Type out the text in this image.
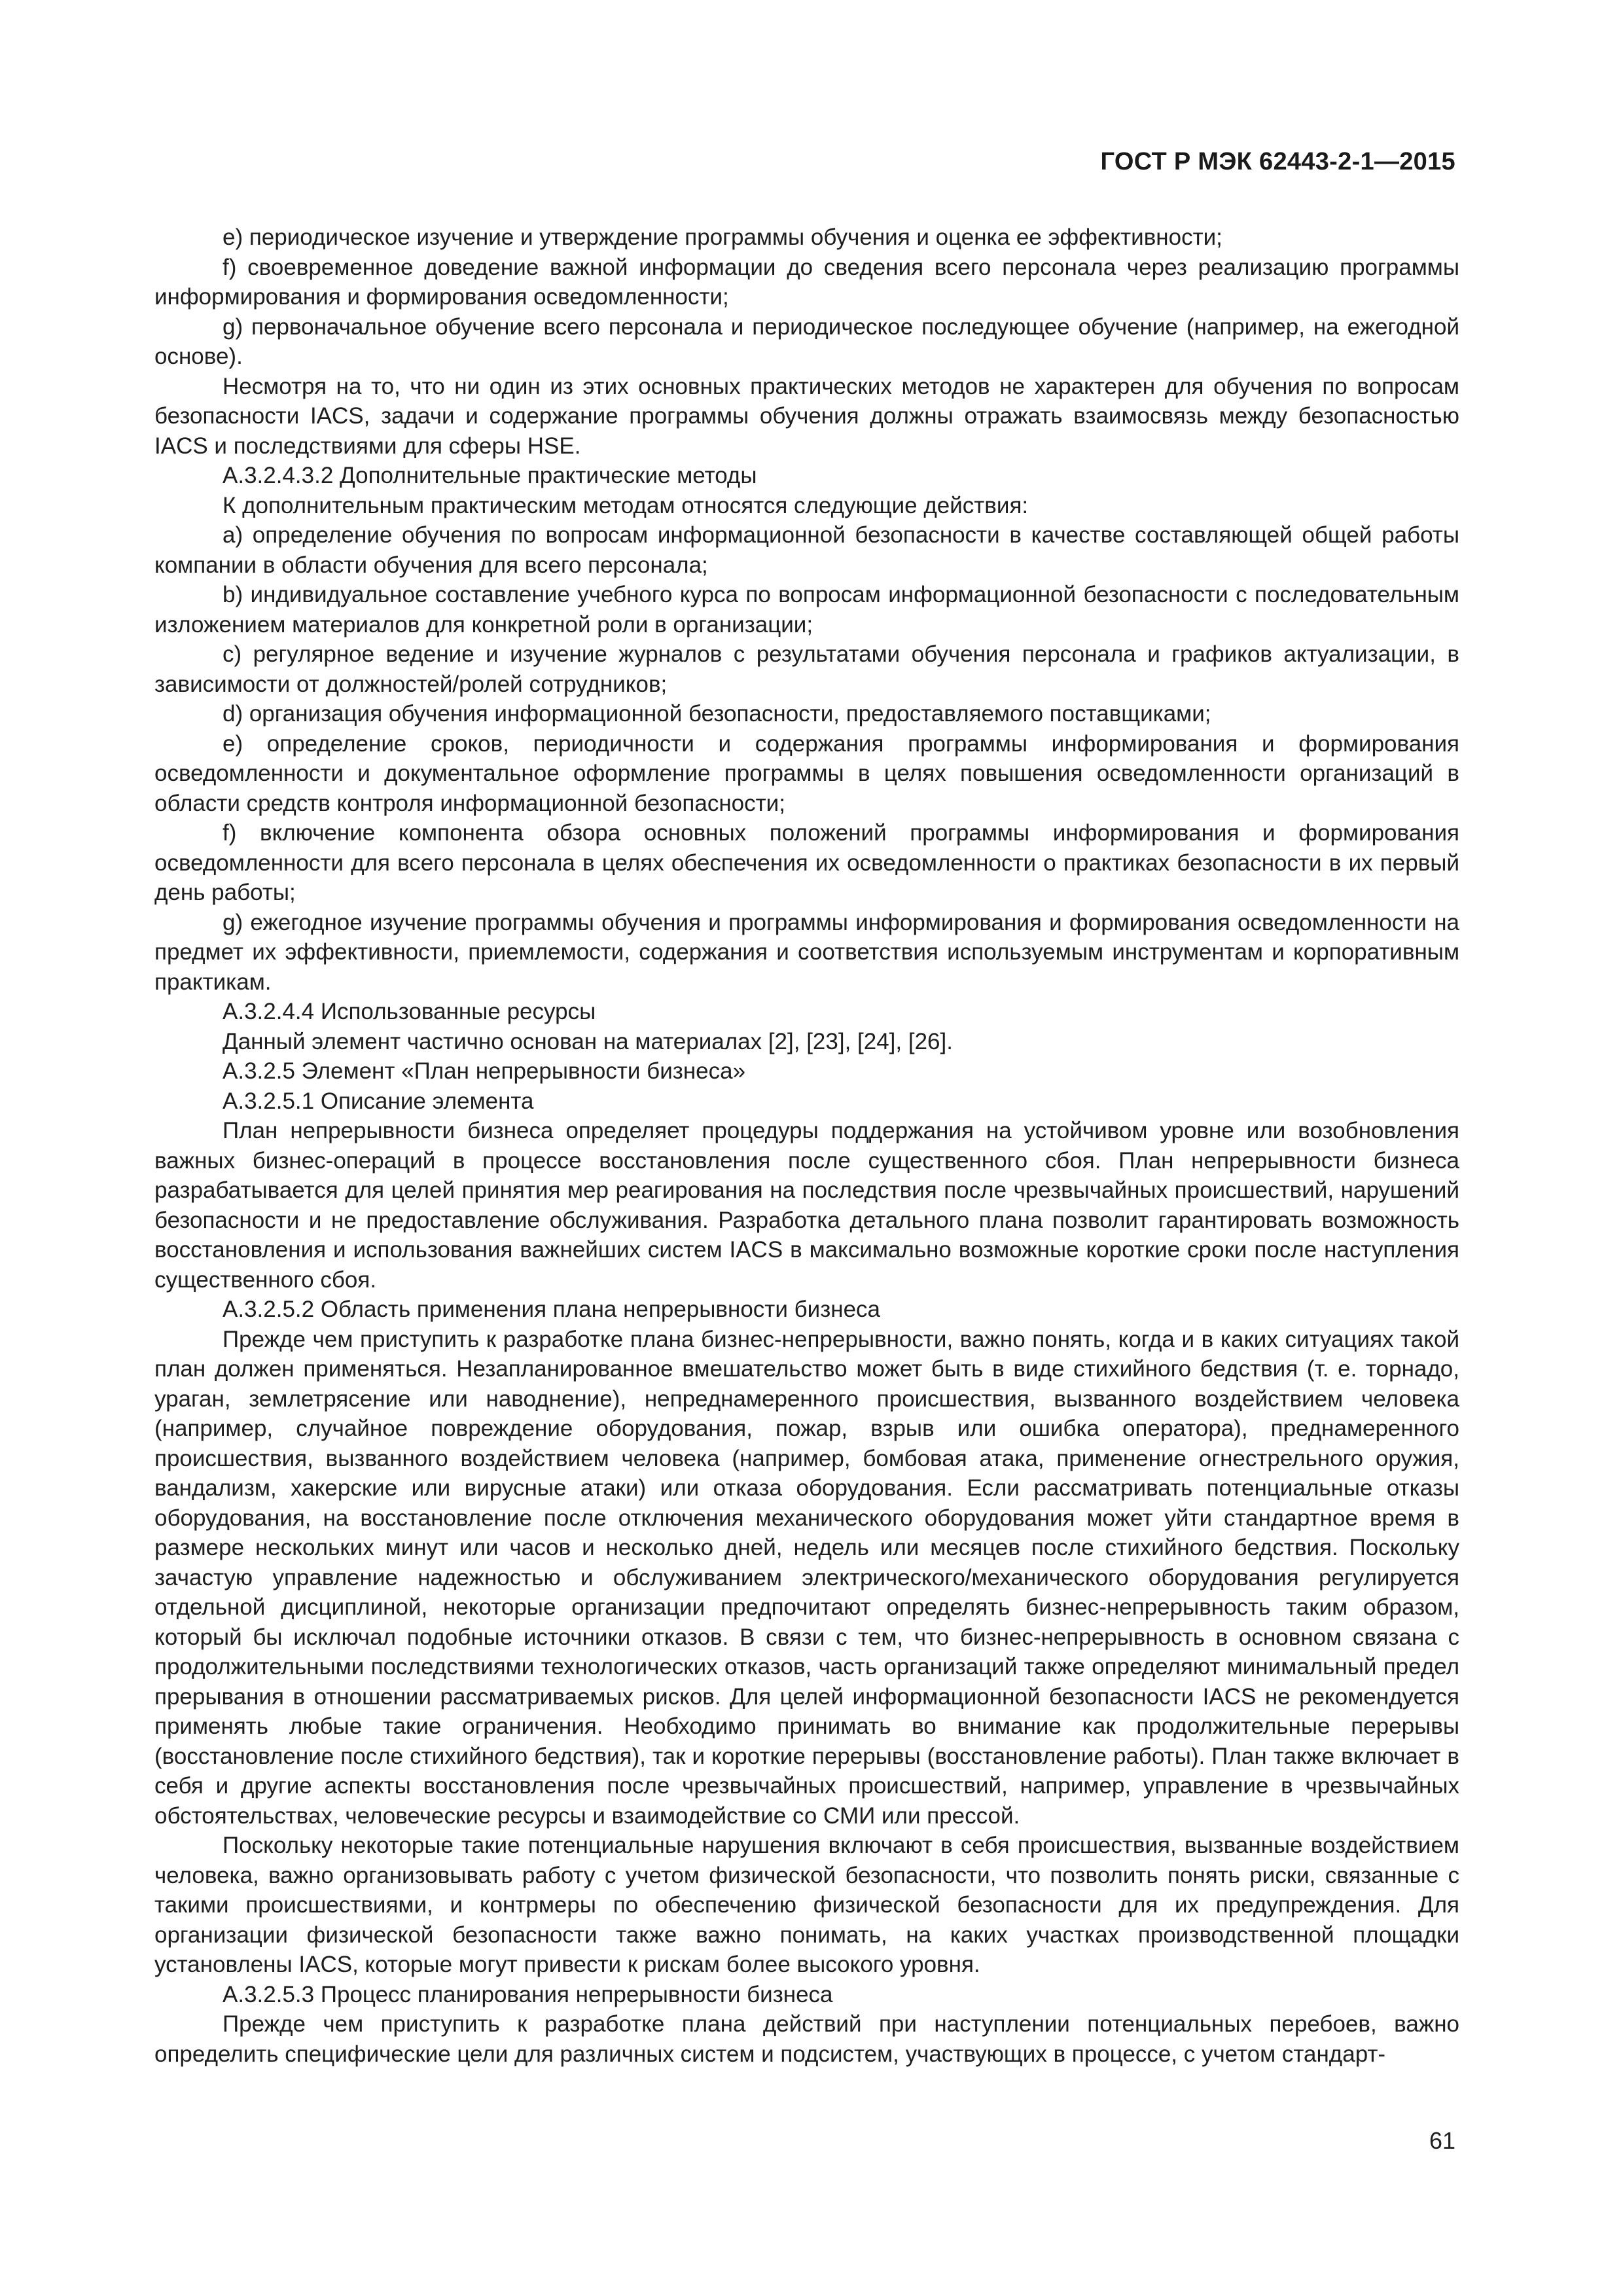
ГОСТ Р МЭК 62443-2-1—2015

e) периодическое изучение и утверждение программы обучения и оценка ее эффективности;

f) своевременное доведение важной информации до сведения всего персонала через реализацию программы информирования и формирования осведомленности;

g) первоначальное обучение всего персонала и периодическое последующее обучение (например, на ежегодной основе).

Несмотря на то, что ни один из этих основных практических методов не характерен для обучения по вопросам безопасности IACS, задачи и содержание программы обучения должны отражать взаимосвязь между безопасностью IACS и последствиями для сферы HSE.

А.3.2.4.3.2 Дополнительные практические методы

К дополнительным практическим методам относятся следующие действия:

a) определение обучения по вопросам информационной безопасности в качестве составляющей общей работы компании в области обучения для всего персонала;

b) индивидуальное составление учебного курса по вопросам информационной безопасности с последовательным изложением материалов для конкретной роли в организации;

c) регулярное ведение и изучение журналов с результатами обучения персонала и графиков актуализации, в зависимости от должностей/ролей сотрудников;

d) организация обучения информационной безопасности, предоставляемого поставщиками;

e) определение сроков, периодичности и содержания программы информирования и формирования осведомленности и документальное оформление программы в целях повышения осведомленности организаций в области средств контроля информационной безопасности;

f) включение компонента обзора основных положений программы информирования и формирования осведомленности для всего персонала в целях обеспечения их осведомленности о практиках безопасности в их первый день работы;

g) ежегодное изучение программы обучения и программы информирования и формирования осведомленности на предмет их эффективности, приемлемости, содержания и соответствия используемым инструментам и корпоративным практикам.

А.3.2.4.4 Использованные ресурсы

Данный элемент частично основан на материалах [2], [23], [24], [26].

А.3.2.5 Элемент «План непрерывности бизнеса»

А.3.2.5.1 Описание элемента

План непрерывности бизнеса определяет процедуры поддержания на устойчивом уровне или возобновления важных бизнес-операций в процессе восстановления после существенного сбоя. План непрерывности бизнеса разрабатывается для целей принятия мер реагирования на последствия после чрезвычайных происшествий, нарушений безопасности и не предоставление обслуживания. Разработка детального плана позволит гарантировать возможность восстановления и использования важнейших систем IACS в максимально возможные короткие сроки после наступления существенного сбоя.

А.3.2.5.2 Область применения плана непрерывности бизнеса

Прежде чем приступить к разработке плана бизнес-непрерывности, важно понять, когда и в каких ситуациях такой план должен применяться. Незапланированное вмешательство может быть в виде стихийного бедствия (т. е. торнадо, ураган, землетрясение или наводнение), непреднамеренного происшествия, вызванного воздействием человека (например, случайное повреждение оборудования, пожар, взрыв или ошибка оператора), преднамеренного происшествия, вызванного воздействием человека (например, бомбовая атака, применение огнестрельного оружия, вандализм, хакерские или вирусные атаки) или отказа оборудования. Если рассматривать потенциальные отказы оборудования, на восстановление после отключения механического оборудования может уйти стандартное время в размере нескольких минут или часов и несколько дней, недель или месяцев после стихийного бедствия. Поскольку зачастую управление надежностью и обслуживанием электрического/механического оборудования регулируется отдельной дисциплиной, некоторые организации предпочитают определять бизнес-непрерывность таким образом, который бы исключал подобные источники отказов. В связи с тем, что бизнес-непрерывность в основном связана с продолжительными последствиями технологических отказов, часть организаций также определяют минимальный предел прерывания в отношении рассматриваемых рисков. Для целей информационной безопасности IACS не рекомендуется применять любые такие ограничения. Необходимо принимать во внимание как продолжительные перерывы (восстановление после стихийного бедствия), так и короткие перерывы (восстановление работы). План также включает в себя и другие аспекты восстановления после чрезвычайных происшествий, например, управление в чрезвычайных обстоятельствах, человеческие ресурсы и взаимодействие со СМИ или прессой.

Поскольку некоторые такие потенциальные нарушения включают в себя происшествия, вызванные воздействием человека, важно организовывать работу с учетом физической безопасности, что позволить понять риски, связанные с такими происшествиями, и контрмеры по обеспечению физической безопасности для их предупреждения. Для организации физической безопасности также важно понимать, на каких участках производственной площадки установлены IACS, которые могут привести к рискам более высокого уровня.

А.3.2.5.3 Процесс планирования непрерывности бизнеса

Прежде чем приступить к разработке плана действий при наступлении потенциальных перебоев, важно определить специфические цели для различных систем и подсистем, участвующих в процессе, с учетом стандарт-

61
